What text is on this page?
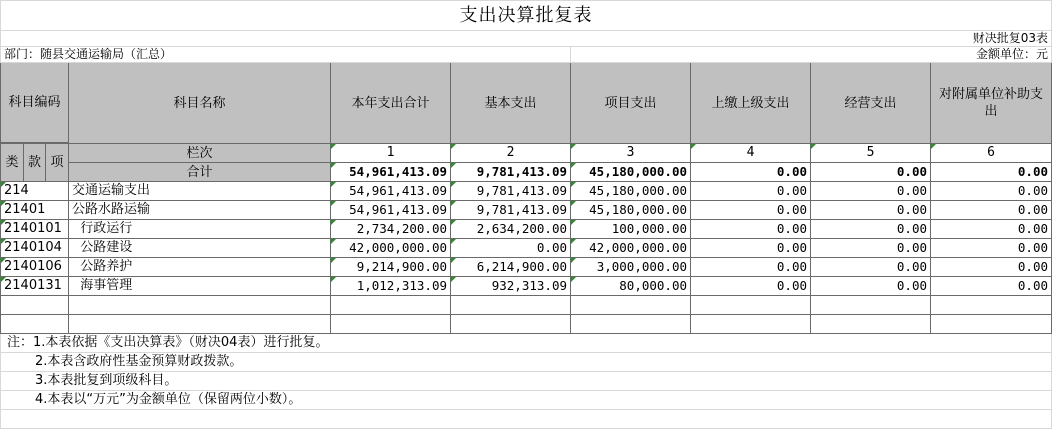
支出决算批复表									
财决批复03表									
部门：随县交通运输局（汇总）						金额单位：元			
科目编码			科目名称	本年支出合计	基本支出	项目支出	上缴上级支出	经营支出	对附属单位补助支出

类	款	项	栏次	1	2	3	4	5	6
			合计	54,961,413.09	9,781,413.09	45,180,000.00	0.00	0.00	0.00
214			交通运输支出	54,961,413.09	9,781,413.09	45,180,000.00	0.00	0.00	0.00
21401			公路水路运输	54,961,413.09	9,781,413.09	45,180,000.00	0.00	0.00	0.00
2140101			行政运行	2,734,200.00	2,634,200.00	100,000.00	0.00	0.00	0.00
2140104			公路建设	42,000,000.00	0.00	42,000,000.00	0.00	0.00	0.00
2140106			公路养护	9,214,900.00	6,214,900.00	3,000,000.00	0.00	0.00	0.00
2140131			海事管理	1,012,313.09	932,313.09	80,000.00	0.00	0.00	0.00

注：1.本表依据《支出决算表》（财决04表）进行批复。									
2.本表含政府性基金预算财政拨款。									
3.本表批复到项级科目。									
4.本表以“万元”为金额单位（保留两位小数）。									
